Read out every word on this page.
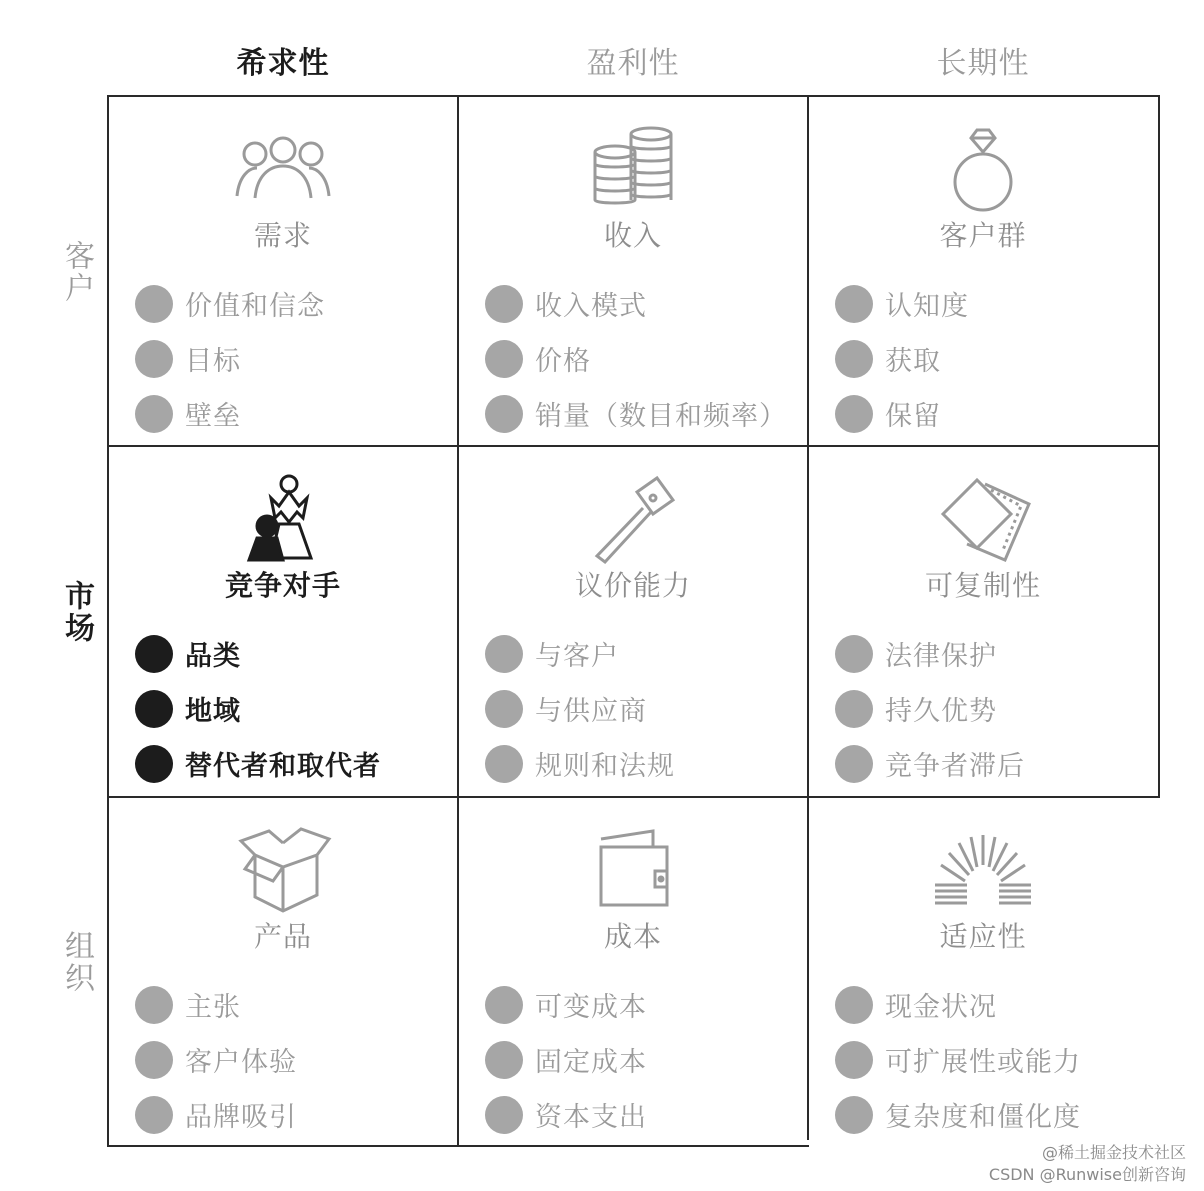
希求性	盈利性	长期性
客户
市场
组织
需求
价值和信念
目标
壁垒
收入
收入模式
价格
销量（数目和频率）
客户群
认知度
获取
保留
竞争对手
品类
地域
替代者和取代者
议价能力
与客户
与供应商
规则和法规
可复制性
法律保护
持久优势
竞争者滞后
产品
主张
客户体验
品牌吸引
成本
可变成本
固定成本
资本支出
适应性
现金状况
可扩展性或能力
复杂度和僵化度
@稀土掘金技术社区
CSDN @Runwise创新咨询
